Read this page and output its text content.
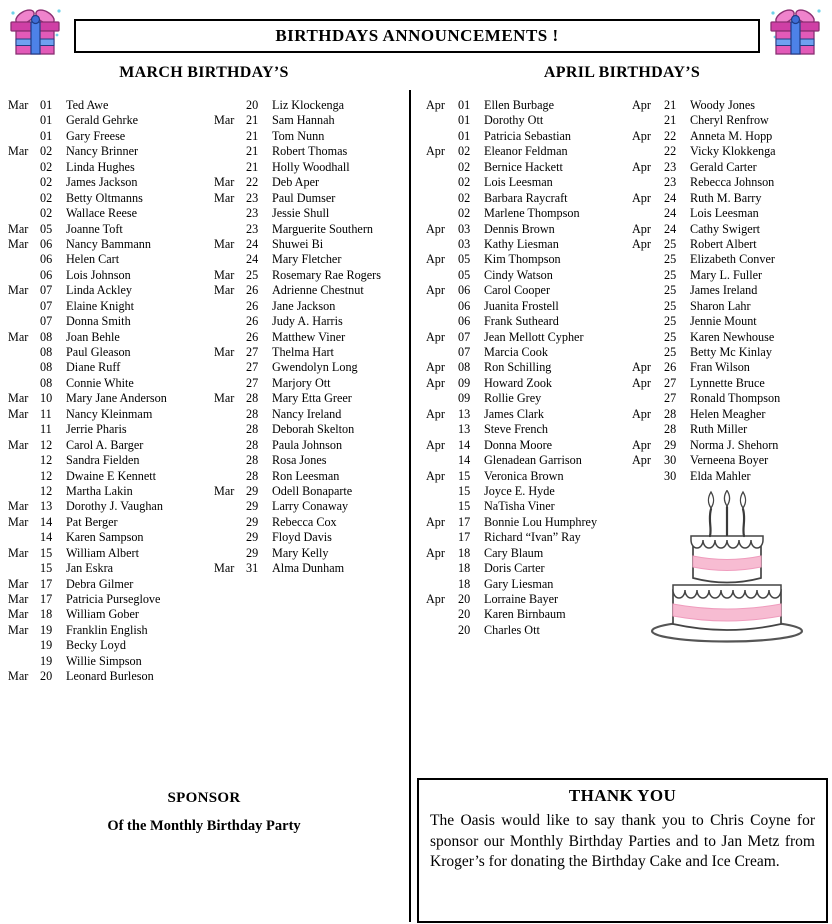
BIRTHDAYS ANNOUNCEMENTS !
MARCH BIRTHDAY’S
Mar 01	Ted Awe	20	Liz Klockenga
01	Gerald Gehrke	Mar 21	Sam Hannah
01	Gary Freese	21	Tom Nunn
Mar 02	Nancy Brinner	21	Robert Thomas
02	Linda Hughes	21	Holly Woodhall
02	James Jackson	Mar 22	Deb Aper
02	Betty Oltmanns	Mar 23	Paul Dumser
02	Wallace Reese	23	Jessie Shull
Mar 05	Joanne Toft	23	Marguerite Southern
Mar 06	Nancy Bammann	Mar 24	Shuwei Bi
06	Helen Cart	24	Mary Fletcher
06	Lois Johnson	Mar 25	Rosemary Rae Rogers
Mar 07	Linda Ackley	Mar 26	Adrienne Chestnut
07	Elaine Knight	26	Jane Jackson
07	Donna Smith	26	Judy A. Harris
Mar 08	Joan Behle	26	Matthew Viner
08	Paul Gleason	Mar 27	Thelma Hart
08	Diane Ruff	27	Gwendolyn Long
08	Connie White	27	Marjory Ott
Mar 10	Mary Jane Anderson	Mar 28	Mary Etta Greer
Mar 11	Nancy Kleinmam	28	Nancy Ireland
11	Jerrie Pharis	28	Deborah Skelton
Mar 12	Carol A. Barger	28	Paula Johnson
12	Sandra Fielden	28	Rosa Jones
12	Dwaine E Kennett	28	Ron Leesman
12	Martha Lakin	Mar 29	Odell Bonaparte
Mar 13	Dorothy J. Vaughan	29	Larry Conaway
Mar 14	Pat Berger	29	Rebecca Cox
14	Karen Sampson	29	Floyd Davis
Mar 15	William Albert	29	Mary Kelly
15	Jan Eskra	Mar 31	Alma Dunham
Mar 17	Debra Gilmer
Mar 17	Patricia Purseglove
Mar 18	William Gober
Mar 19	Franklin English
19	Becky Loyd
19	Willie Simpson
Mar 20	Leonard Burleson
APRIL BIRTHDAY’S
Apr	01	Ellen Burbage	Apr	21	Woody Jones
01	Dorothy Ott	21	Cheryl Renfrow
01	Patricia Sebastian	Apr	22	Anneta M. Hopp
Apr	02	Eleanor Feldman	22	Vicky Klokkenga
02	Bernice Hackett	Apr	23	Gerald Carter
02	Lois Leesman	23	Rebecca Johnson
02	Barbara Raycraft	Apr	24	Ruth M. Barry
02	Marlene Thompson	24	Lois Leesman
Apr	03	Dennis Brown	Apr	24	Cathy Swigert
03	Kathy Liesman	Apr	25	Robert Albert
Apr	05	Kim Thompson	25	Elizabeth Conver
05	Cindy Watson	25	Mary L. Fuller
Apr	06	Carol Cooper	25	James Ireland
06	Juanita Frostell	25	Sharon Lahr
06	Frank Sutheard	25	Jennie Mount
Apr	07	Jean Mellott Cypher	25	Karen Newhouse
07	Marcia Cook	25	Betty Mc Kinlay
Apr	08	Ron Schilling	Apr	26	Fran Wilson
Apr	09	Howard Zook	Apr	27	Lynnette Bruce
09	Rollie Grey	27	Ronald Thompson
Apr	13	James Clark	Apr	28	Helen Meagher
13	Steve French	28	Ruth Miller
Apr	14	Donna Moore	Apr	29	Norma J. Shehorn
14	Glenadean Garrison	Apr	30	Verneena Boyer
Apr	15	Veronica Brown	30	Elda Mahler
15	Joyce E. Hyde
15	NaTisha Viner
Apr	17	Bonnie Lou Humphrey
17	Richard “Ivan” Ray
Apr	18	Cary Blaum
18	Doris Carter
18	Gary Liesman
Apr	20	Lorraine Bayer
20	Karen Birnbaum
20	Charles Ott
SPONSOR
Of the Monthly Birthday Party
THANK YOU
The Oasis would like to say thank you to Chris Coyne for sponsor our Monthly Birthday Parties and to Jan Metz from Kroger’s for donating the Birthday Cake and Ice Cream.
